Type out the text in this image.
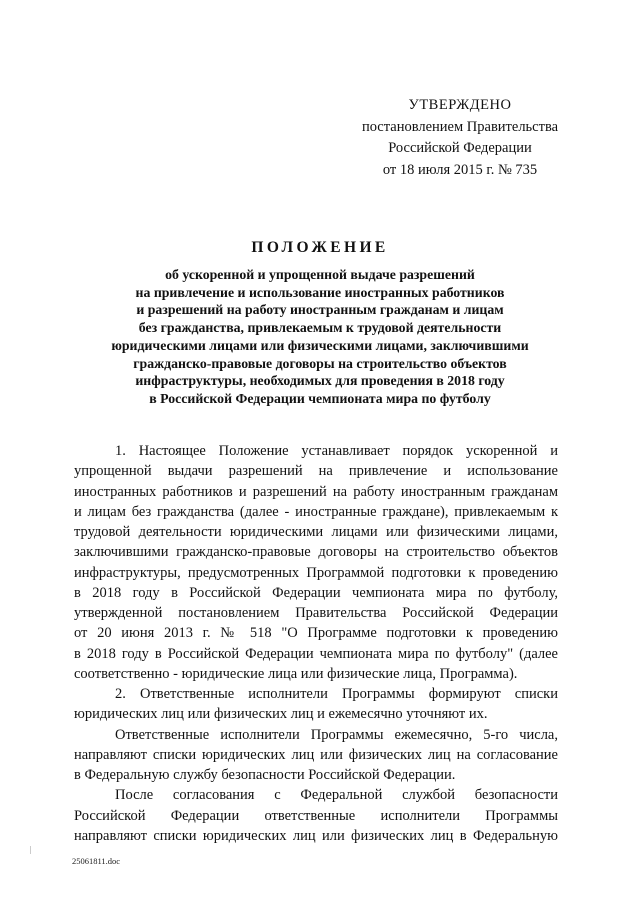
УТВЕРЖДЕНО
постановлением Правительства
Российской Федерации
от 18 июля 2015 г. № 735
ПОЛОЖЕНИЕ
об ускоренной и упрощенной выдаче разрешений
на привлечение и использование иностранных работников
и разрешений на работу иностранным гражданам и лицам
без гражданства, привлекаемым к трудовой деятельности
юридическими лицами или физическими лицами, заключившими
гражданско-правовые договоры на строительство объектов
инфраструктуры, необходимых для проведения в 2018 году
в Российской Федерации чемпионата мира по футболу
1. Настоящее Положение устанавливает порядок ускоренной и
упрощенной выдачи разрешений на привлечение и использование
иностранных работников и разрешений на работу иностранным гражданам
и лицам без гражданства (далее - иностранные граждане), привлекаемым к
трудовой деятельности юридическими лицами или физическими лицами,
заключившими гражданско-правовые договоры на строительство объектов
инфраструктуры, предусмотренных Программой подготовки к проведению
в 2018 году в Российской Федерации чемпионата мира по футболу,
утвержденной постановлением Правительства Российской Федерации
от 20 июня 2013 г. № 518 "О Программе подготовки к проведению
в 2018 году в Российской Федерации чемпионата мира по футболу" (далее
соответственно - юридические лица или физические лица, Программа).
2. Ответственные исполнители Программы формируют списки
юридических лиц или физических лиц и ежемесячно уточняют их.
Ответственные исполнители Программы ежемесячно, 5-го числа,
направляют списки юридических лиц или физических лиц на согласование
в Федеральную службу безопасности Российской Федерации.
После согласования с Федеральной службой безопасности
Российской Федерации ответственные исполнители Программы
направляют списки юридических лиц или физических лиц в Федеральную
25061811.doc
